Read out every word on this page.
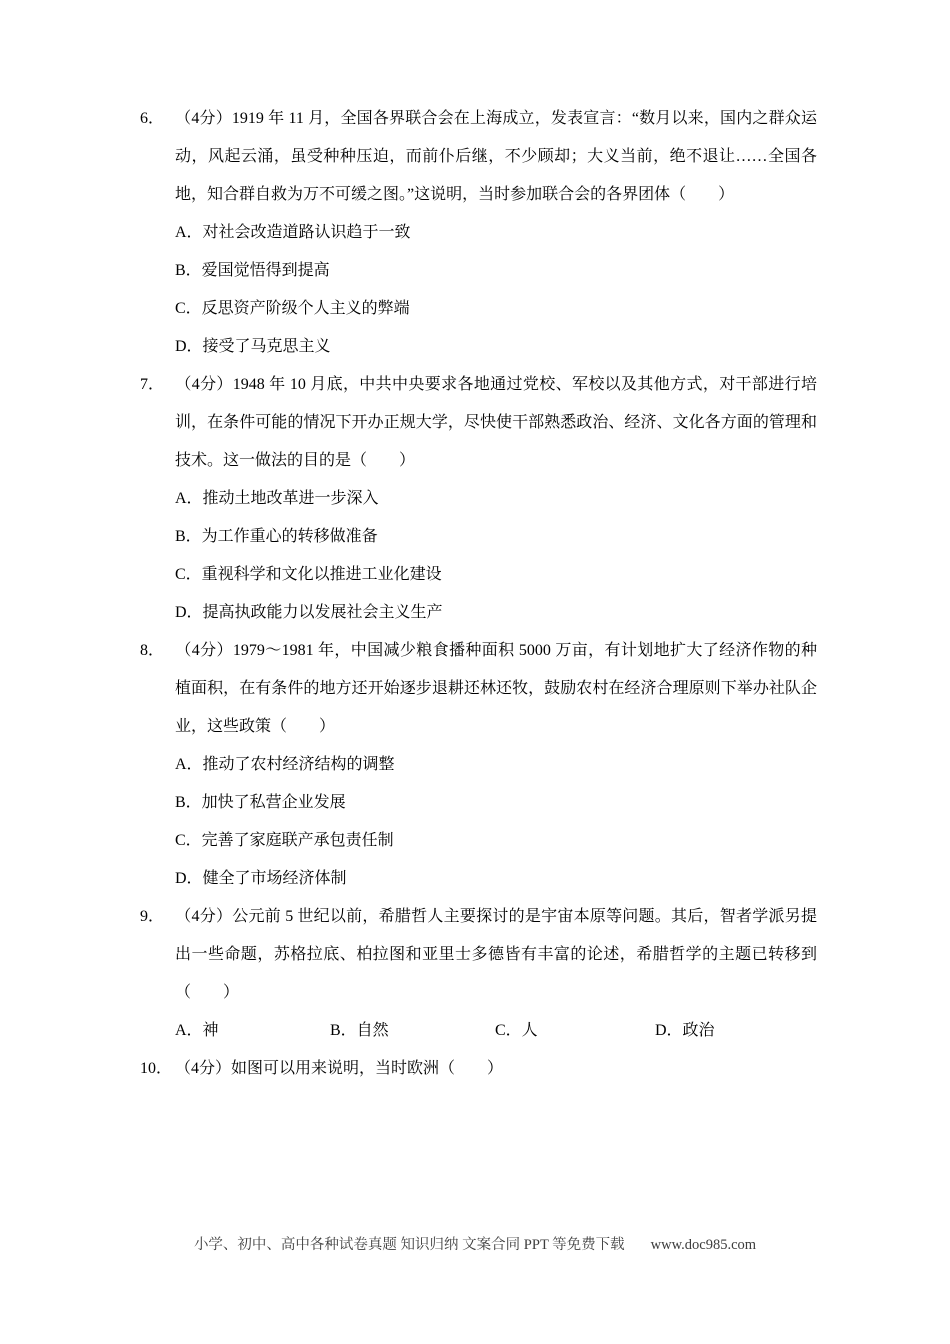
6． （4分）1919 年 11 月，全国各界联合会在上海成立，发表宣言：“数月以来，国内之群众运动，风起云涌，虽受种种压迫，而前仆后继，不少顾却；大义当前，绝不退让……全国各地，知合群自救为万不可缓之图。”这说明，当时参加联合会的各界团体（　　）

A．对社会改造道路认识趋于一致

B．爱国觉悟得到提高

C．反思资产阶级个人主义的弊端

D．接受了马克思主义

7． （4分）1948 年 10 月底，中共中央要求各地通过党校、军校以及其他方式，对干部进行培训，在条件可能的情况下开办正规大学，尽快使干部熟悉政治、经济、文化各方面的管理和技术。这一做法的目的是（　　）

A．推动土地改革进一步深入

B．为工作重心的转移做准备

C．重视科学和文化以推进工业化建设

D．提高执政能力以发展社会主义生产

8． （4分）1979～1981 年，中国减少粮食播种面积 5000 万亩，有计划地扩大了经济作物的种植面积，在有条件的地方还开始逐步退耕还林还牧，鼓励农村在经济合理原则下举办社队企业，这些政策（　　）

A．推动了农村经济结构的调整

B．加快了私营企业发展

C．完善了家庭联产承包责任制

D．健全了市场经济体制

9． （4分）公元前 5 世纪以前，希腊哲人主要探讨的是宇宙本原等问题。其后，智者学派另提出一些命题，苏格拉底、柏拉图和亚里士多德皆有丰富的论述，希腊哲学的主题已转移到（　　）

A．神	B．自然	C．人	D．政治

10． （4分）如图可以用来说明，当时欧洲（　　）

小学、初中、高中各种试卷真题 知识归纳 文案合同 PPT 等免费下载 www.doc985.com
